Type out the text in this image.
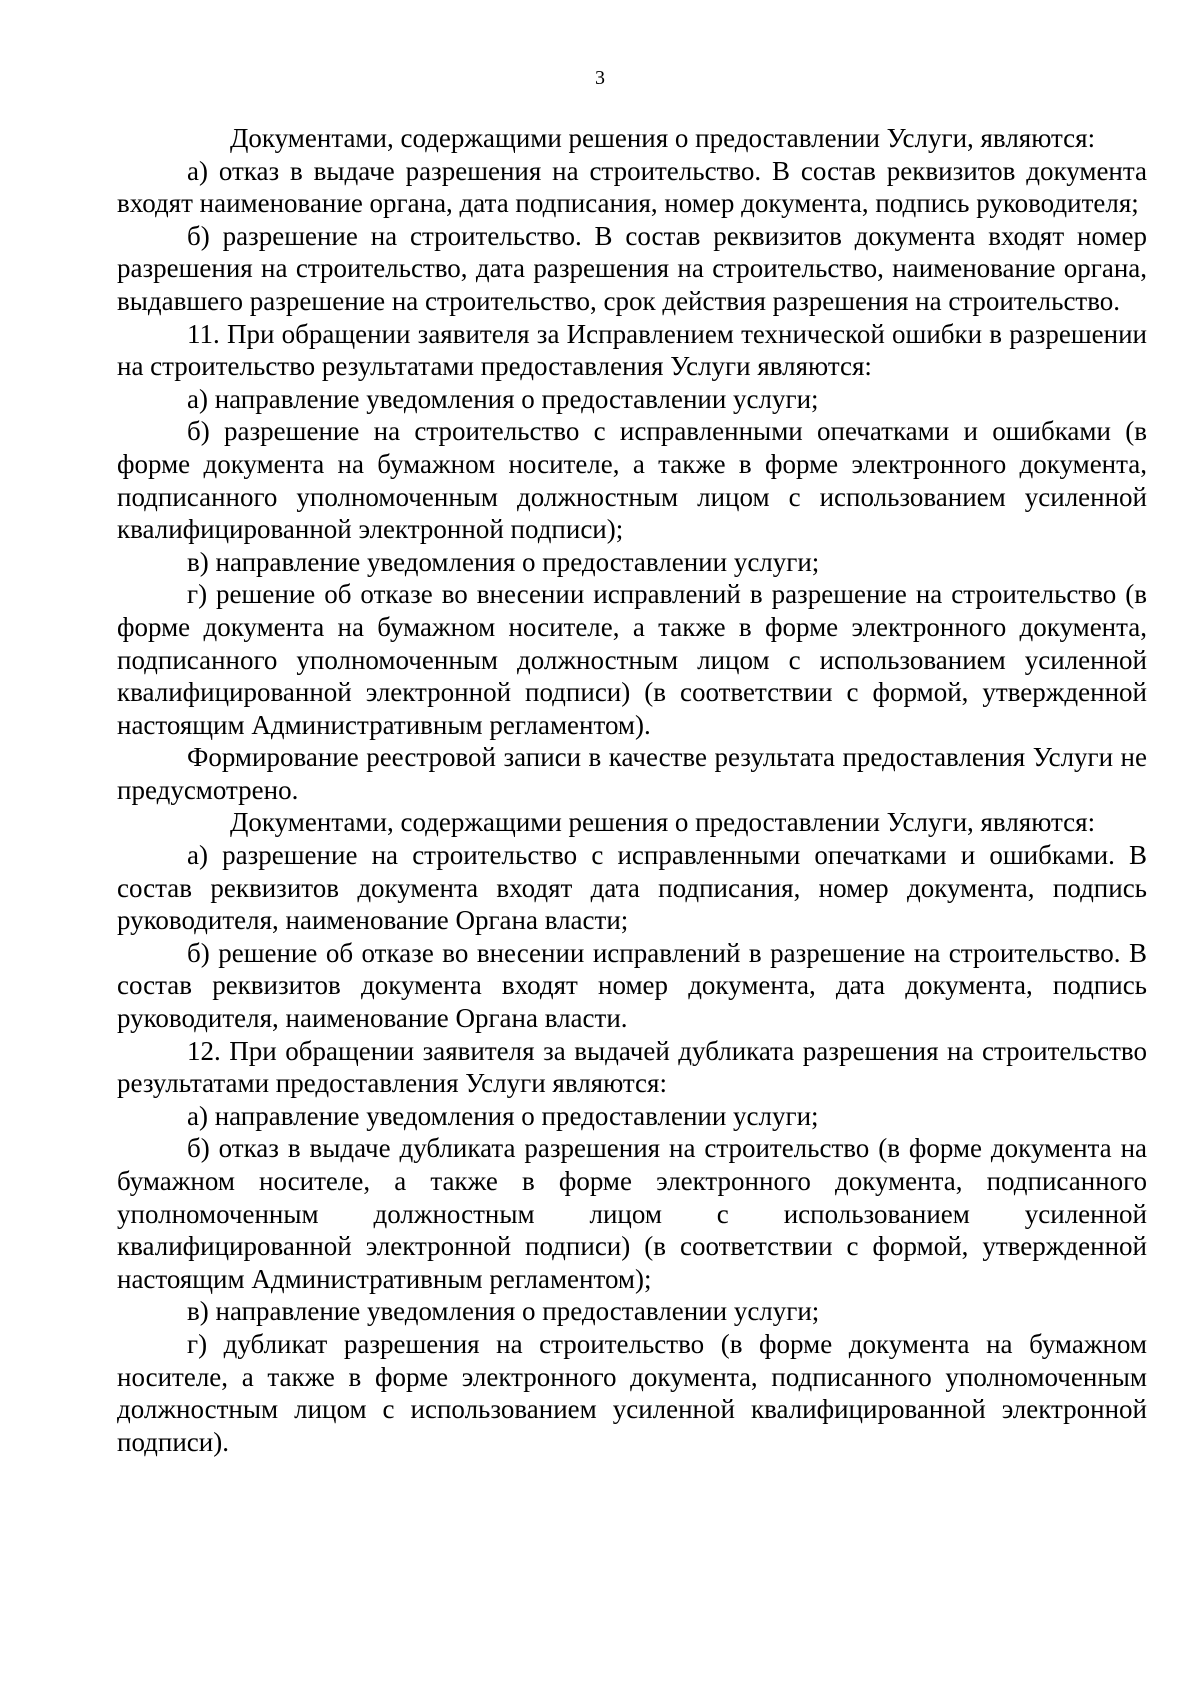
3

Документами, содержащими решения о предоставлении Услуги, являются:

а) отказ в выдаче разрешения на строительство. В состав реквизитов документа входят наименование органа, дата подписания, номер документа, подпись руководителя;

б) разрешение на строительство. В состав реквизитов документа входят номер разрешения на строительство, дата разрешения на строительство, наименование органа, выдавшего разрешение на строительство, срок действия разрешения на строительство.

11. При обращении заявителя за Исправлением технической ошибки в разрешении на строительство результатами предоставления Услуги являются:

а) направление уведомления о предоставлении услуги;

б) разрешение на строительство с исправленными опечатками и ошибками (в форме документа на бумажном носителе, а также в форме электронного документа, подписанного уполномоченным должностным лицом с использованием усиленной квалифицированной электронной подписи);

в) направление уведомления о предоставлении услуги;

г) решение об отказе во внесении исправлений в разрешение на строительство (в форме документа на бумажном носителе, а также в форме электронного документа, подписанного уполномоченным должностным лицом с использованием усиленной квалифицированной электронной подписи) (в соответствии с формой, утвержденной настоящим Административным регламентом).

Формирование реестровой записи в качестве результата предоставления Услуги не предусмотрено.

Документами, содержащими решения о предоставлении Услуги, являются:

а) разрешение на строительство с исправленными опечатками и ошибками. В состав реквизитов документа входят дата подписания, номер документа, подпись руководителя, наименование Органа власти;

б) решение об отказе во внесении исправлений в разрешение на строительство. В состав реквизитов документа входят номер документа, дата документа, подпись руководителя, наименование Органа власти.

12. При обращении заявителя за выдачей дубликата разрешения на строительство результатами предоставления Услуги являются:

а) направление уведомления о предоставлении услуги;

б) отказ в выдаче дубликата разрешения на строительство (в форме документа на бумажном носителе, а также в форме электронного документа, подписанного уполномоченным должностным лицом с использованием усиленной квалифицированной электронной подписи) (в соответствии с формой, утвержденной настоящим Административным регламентом);

в) направление уведомления о предоставлении услуги;

г) дубликат разрешения на строительство (в форме документа на бумажном носителе, а также в форме электронного документа, подписанного уполномоченным должностным лицом с использованием усиленной квалифицированной электронной подписи).
